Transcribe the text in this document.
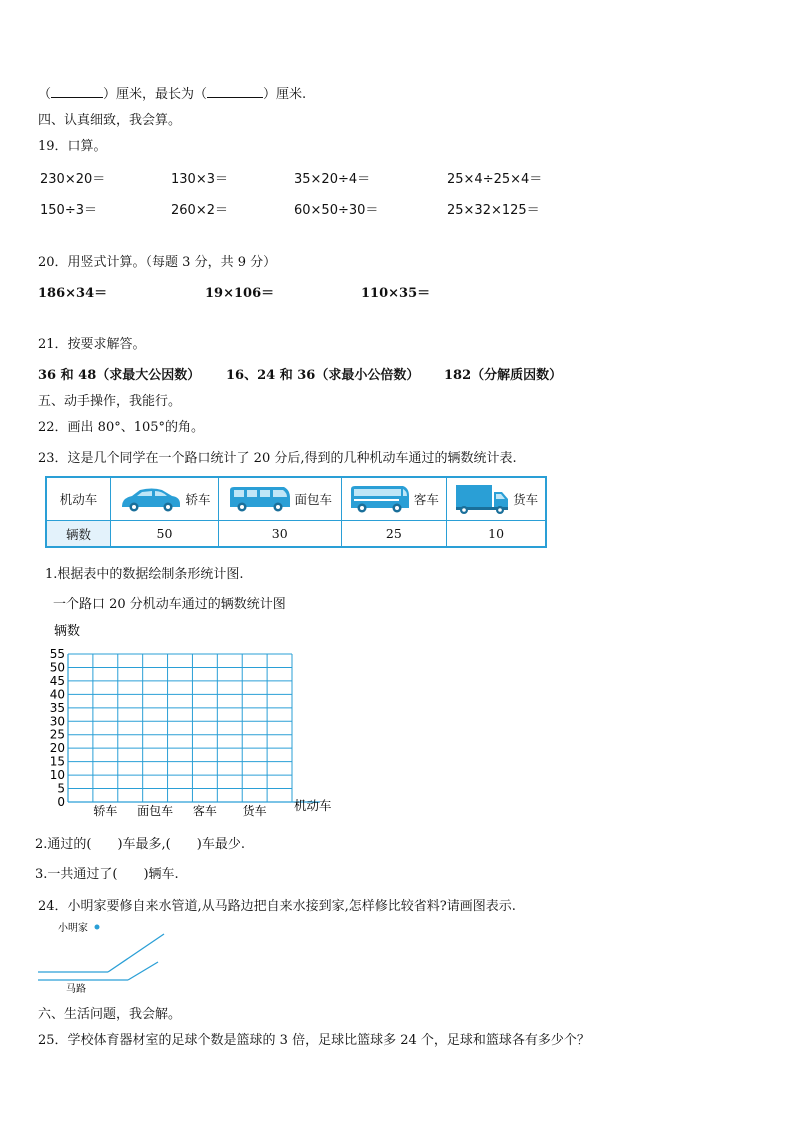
（	）厘米，最长为（	）厘米.
四、认真细致，我会算。
19．口算。
230×20＝	130×3＝	35×20÷4＝	25×4÷25×4＝
150÷3＝	260×2＝	60×50÷30＝	25×32×125＝
20．用竖式计算。（每题 3 分，共 9 分）
186×34＝	19×106＝	110×35＝
21．按要求解答。
36 和 48（求最大公因数） 16、24 和 36（求最小公倍数） 182（分解质因数）
五、动手操作，我能行。
22．画出 80°、105°的角。
23．这是几个同学在一个路口统计了 20 分后,得到的几种机动车通过的辆数统计表.
机动车	轿车	面包车	客车	货车

辆数	50	30	25	10
1.根据表中的数据绘制条形统计图.
一个路口 20 分机动车通过的辆数统计图
辆数
0
5
10
15
20
25
30
35
40
45
50
55
轿车 面包车 客车 货车 机动车
2.通过的(　　)车最多,(　　)车最少.
3.一共通过了(　　)辆车.
24．小明家要修自来水管道,从马路边把自来水接到家,怎样修比较省料?请画图表示.
小明家
马路
六、生活问题，我会解。
25．学校体育器材室的足球个数是篮球的 3 倍，足球比篮球多 24 个，足球和篮球各有多少个？
